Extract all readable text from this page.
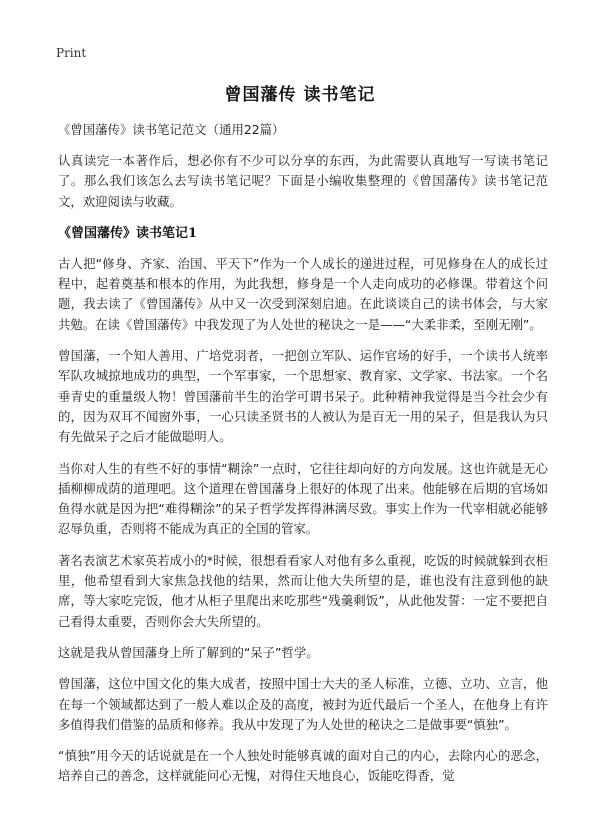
Print
曾国藩传 读书笔记

《曾国藩传》读书笔记范文（通用22篇）

认真读完一本著作后，想必你有不少可以分享的东西，为此需要认真地写一写读书笔记了。那么我们该怎么去写读书笔记呢？下面是小编收集整理的《曾国藩传》读书笔记范文，欢迎阅读与收藏。

《曾国藩传》读书笔记1

古人把“修身、齐家、治国、平天下”作为一个人成长的递进过程，可见修身在人的成长过程中，起着奠基和根本的作用，为此我想，修身是一个人走向成功的必修课。带着这个问题，我去读了《曾国藩传》从中又一次受到深刻启迪。在此谈谈自己的读书体会，与大家共勉。在读《曾国藩传》中我发现了为人处世的秘诀之一是——“大柔非柔，至刚无刚”。

曾国藩，一个知人善用、广培党羽者，一把创立军队、运作官场的好手，一个读书人统率军队攻城掠地成功的典型，一个军事家，一个思想家、教育家、文学家、书法家。一个名垂青史的重量级人物！曾国藩前半生的治学可谓书呆子。此种精神我觉得是当今社会少有的，因为双耳不闻窗外事，一心只读圣贤书的人被认为是百无一用的呆子，但是我认为只有先做呆子之后才能做聪明人。

当你对人生的有些不好的事情“糊涂”一点时，它往往却向好的方向发展。这也许就是无心插柳柳成荫的道理吧。这个道理在曾国藩身上很好的体现了出来。他能够在后期的官场如鱼得水就是因为把“难得糊涂”的呆子哲学发挥得淋漓尽致。事实上作为一代宰相就必能够忍辱负重，否则将不能成为真正的全国的管家。

著名表演艺术家英若成小的*时候，很想看看家人对他有多么重视，吃饭的时候就躲到衣柜里，他希望看到大家焦急找他的结果，然而让他大失所望的是，谁也没有注意到他的缺席，等大家吃完饭，他才从柜子里爬出来吃那些“残羹剩饭”，从此他发誓：一定不要把自己看得太重要，否则你会大失所望的。

这就是我从曾国藩身上所了解到的“呆子”哲学。

曾国藩，这位中国文化的集大成者，按照中国士大夫的圣人标准，立德、立功、立言，他在每一个领域都达到了一般人难以企及的高度，被封为近代最后一个圣人，在他身上有许多值得我们借鉴的品质和修养。我从中发现了为人处世的秘诀之二是做事要“慎独”。

“慎独”用今天的话说就是在一个人独处时能够真诚的面对自己的内心，去除内心的恶念，培养自己的善念，这样就能问心无愧，对得住天地良心，饭能吃得香，觉
